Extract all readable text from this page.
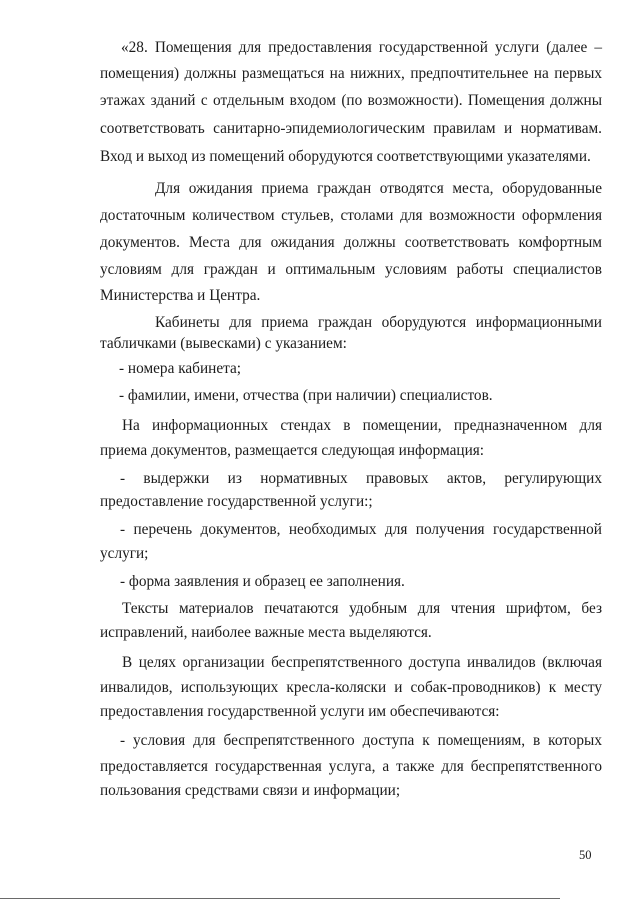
«28. Помещения для предоставления государственной услуги (далее –

помещения) должны размещаться на нижних, предпочтительнее на первых

этажах зданий с отдельным входом (по возможности). Помещения должны

соответствовать санитарно-эпидемиологическим правилам и нормативам.

Вход и выход из помещений оборудуются соответствующими указателями.

Для ожидания приема граждан отводятся места, оборудованные

достаточным количеством стульев, столами для возможности оформления

документов. Места для ожидания должны соответствовать комфортным

условиям для граждан и оптимальным условиям работы специалистов

Министерства и Центра.

Кабинеты для приема граждан оборудуются информационными

табличками (вывесками) с указанием:

- номера кабинета;

- фамилии, имени, отчества (при наличии) специалистов.

На информационных стендах в помещении, предназначенном для

приема документов, размещается следующая информация:

- выдержки из нормативных правовых актов, регулирующих

предоставление государственной услуги:;

- перечень документов, необходимых для получения государственной

услуги;

- форма заявления и образец ее заполнения.

Тексты материалов печатаются удобным для чтения шрифтом, без

исправлений, наиболее важные места выделяются.

В целях организации беспрепятственного доступа инвалидов (включая

инвалидов, использующих кресла-коляски и собак-проводников) к месту

предоставления государственной услуги им обеспечиваются:

- условия для беспрепятственного доступа к помещениям, в которых

предоставляется государственная услуга, а также для беспрепятственного

пользования средствами связи и информации;

50
